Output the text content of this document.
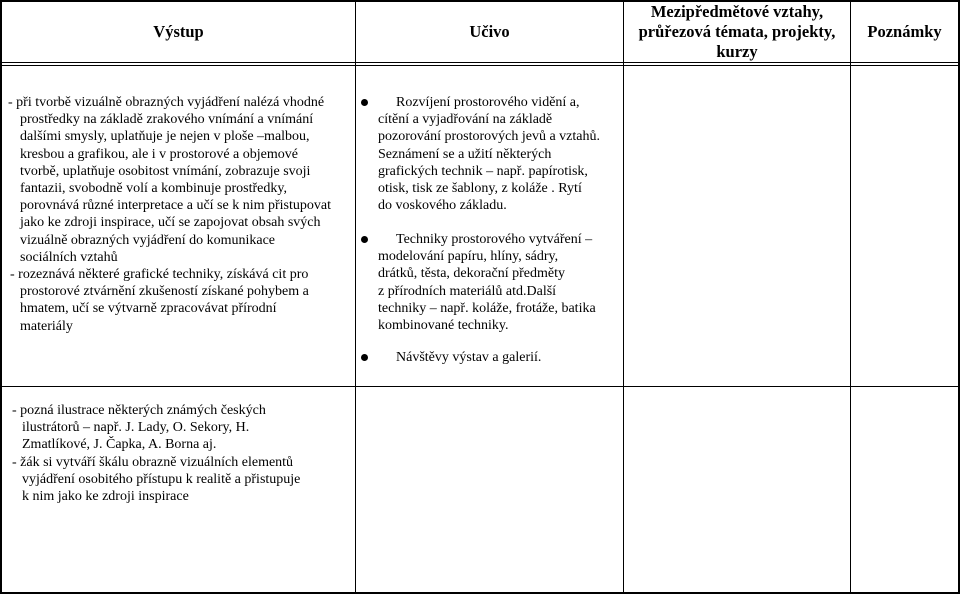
Výstup	Učivo
Mezipředmětové vztahy,
průřezová témata, projekty,
kurzy
Poznámky
- při tvorbě vizuálně obrazných vyjádření nalézá vhodné
prostředky na základě zrakového vnímání a vnímání
dalšími smysly, uplatňuje je nejen v ploše –malbou,
kresbou a grafikou, ale i v prostorové a objemové
tvorbě, uplatňuje osobitost vnímání, zobrazuje svoji
fantazii, svobodně volí a kombinuje prostředky,
porovnává různé interpretace a učí se k nim přistupovat
jako ke zdroji inspirace, učí se zapojovat obsah svých
vizuálně obrazných vyjádření do komunikace
sociálních vztahů
- rozeznává některé grafické techniky, získává cit pro
prostorové ztvárnění zkušeností získané pohybem a
hmatem, učí se výtvarně zpracovávat přírodní
materiály
Rozvíjení prostorového vidění a,
cítění a vyjadřování na základě
pozorování prostorových jevů a vztahů.
Seznámení se a užití některých
grafických technik – např. papírotisk,
otisk, tisk ze šablony, z koláže . Rytí
do voskového základu.
Techniky prostorového vytváření –
modelování papíru, hlíny, sádry,
drátků, těsta, dekorační předměty
z přírodních materiálů atd.Další
techniky – např. koláže, frotáže, batika
kombinované techniky.
Návštěvy výstav a galerií.
- pozná ilustrace některých známých českých
ilustrátorů – např. J. Lady, O. Sekory, H.
Zmatlíkové, J. Čapka, A. Borna aj.
- žák si vytváří škálu obrazně vizuálních elementů
vyjádření osobitého přístupu k realitě a přistupuje
k nim jako ke zdroji inspirace
